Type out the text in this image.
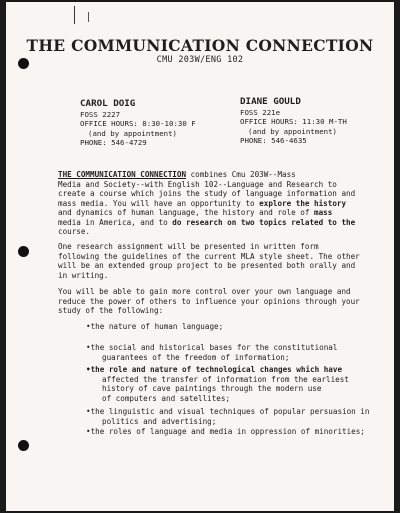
THE COMMUNICATION CONNECTION
CMU 203W/ENG 102
CAROL DOIG
FOSS 2227
OFFICE HOURS: 8:30-10:30 F
(and by appointment)
PHONE: 546-4729
DIANE GOULD
FOSS 221e
OFFICE HOURS: 11:30 M-TH
(and by appointment)
PHONE: 546-4635
THE COMMUNICATION CONNECTION combines Cmu 203W--Mass
Media and Society--with English 102--Language and Research to
create a course which joins the study of language information and
mass media. You will have an opportunity to explore the history
and dynamics of human language, the history and role of mass
media in America, and to do research on two topics related to the
course.
One research assignment will be presented in written form
following the guidelines of the current MLA style sheet. The other
will be an extended group project to be presented both orally and
in writing.
You will be able to gain more control over your own language and
reduce the power of others to influence your opinions through your
study of the following:
•the nature of human language;
•the social and historical bases for the constitutional
guarantees of the freedom of information;
•the role and nature of technological changes which have
affected the transfer of information from the earliest
history of cave paintings through the modern use
of computers and satellites;
•the linguistic and visual techniques of popular persuasion in
politics and advertising;
•the roles of language and media in oppression of minorities;
